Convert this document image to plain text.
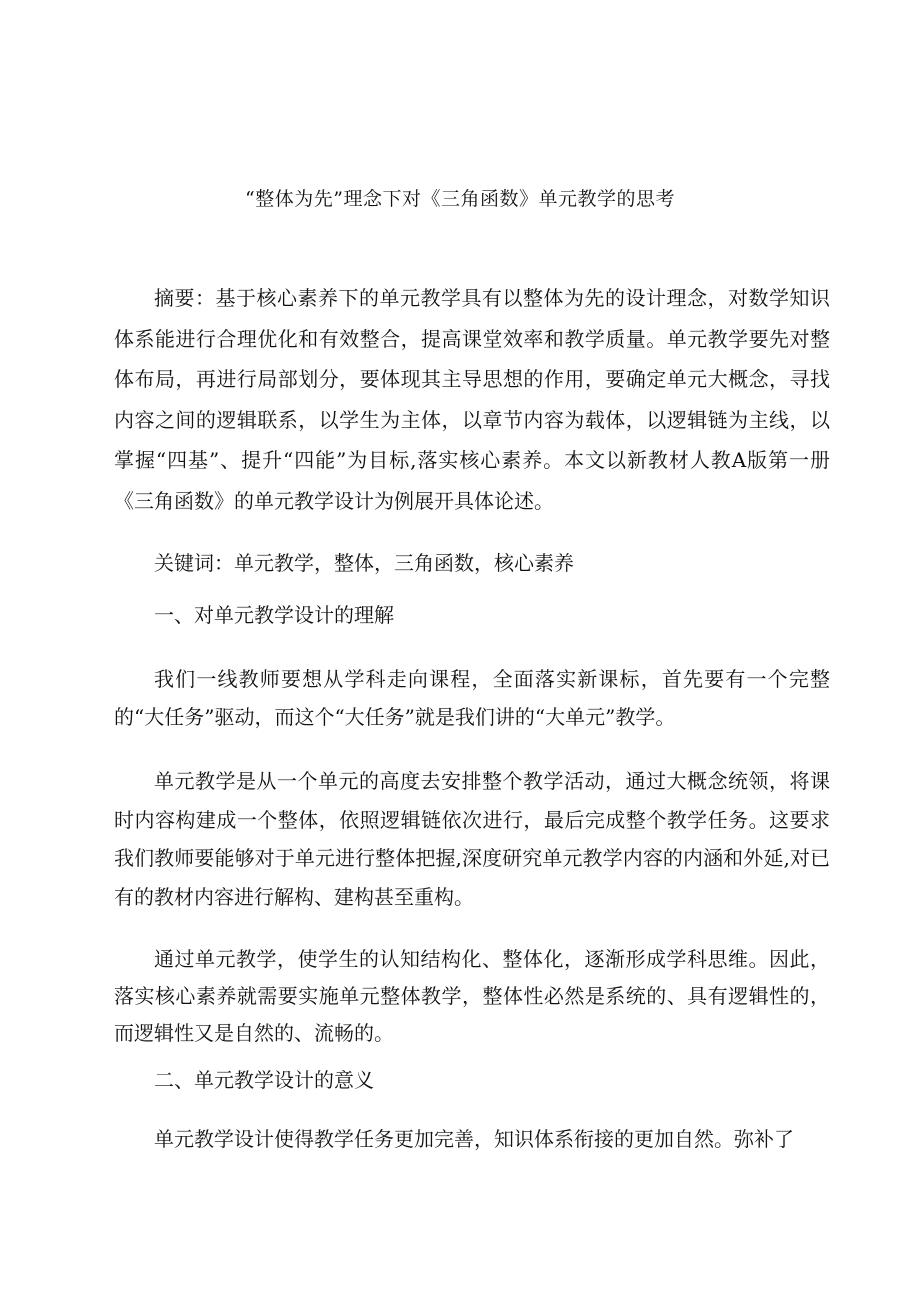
“整体为先”理念下对《三角函数》单元教学的思考
摘要：基于核心素养下的单元教学具有以整体为先的设计理念，对数学知识体系能进行合理优化和有效整合，提高课堂效率和教学质量。单元教学要先对整体布局，再进行局部划分，要体现其主导思想的作用，要确定单元大概念，寻找内容之间的逻辑联系，以学生为主体，以章节内容为载体，以逻辑链为主线，以掌握“四基”、提升“四能”为目标,落实核心素养。本文以新教材人教A版第一册《三角函数》的单元教学设计为例展开具体论述。
关键词：单元教学，整体，三角函数，核心素养
一、对单元教学设计的理解
我们一线教师要想从学科走向课程，全面落实新课标，首先要有一个完整的“大任务”驱动，而这个“大任务”就是我们讲的“大单元”教学。
单元教学是从一个单元的高度去安排整个教学活动，通过大概念统领，将课时内容构建成一个整体，依照逻辑链依次进行，最后完成整个教学任务。这要求我们教师要能够对于单元进行整体把握,深度研究单元教学内容的内涵和外延,对已有的教材内容进行解构、建构甚至重构。
通过单元教学，使学生的认知结构化、整体化，逐渐形成学科思维。因此，落实核心素养就需要实施单元整体教学，整体性必然是系统的、具有逻辑性的，而逻辑性又是自然的、流畅的。
二、单元教学设计的意义
单元教学设计使得教学任务更加完善，知识体系衔接的更加自然。弥补了
